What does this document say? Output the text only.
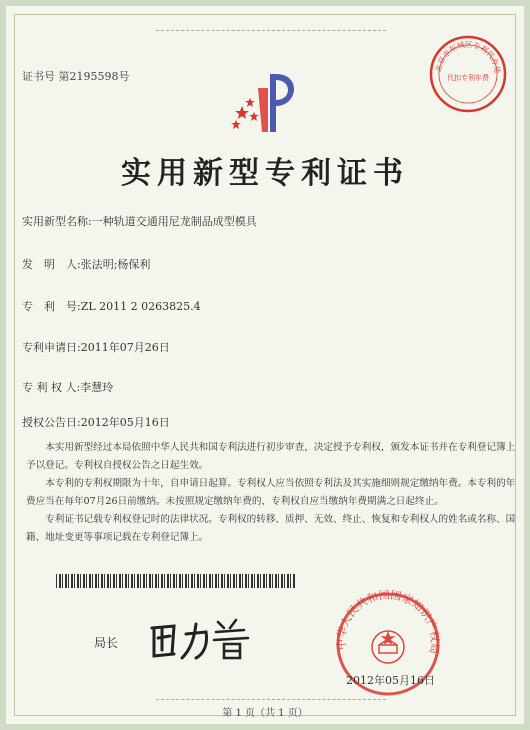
证书号 第2195598号
北京市东城区专利代办处
代扣专利年费
实用新型专利证书
实用新型名称:一种轨道交通用尼龙制品成型模具
发　明　人:张法明;杨保利
专　利　号:ZL 2011 2 0263825.4
专利申请日:2011年07月26日
专 利 权 人:李慧玲
授权公告日:2012年05月16日

本实用新型经过本局依照中华人民共和国专利法进行初步审查，决定授予专利权，颁发本证书并在专利登记簿上予以登记。专利权自授权公告之日起生效。

本专利的专利权期限为十年，自申请日起算。专利权人应当依照专利法及其实施细则规定缴纳年费。本专利的年费应当在每年07月26日前缴纳。未按照规定缴纳年费的，专利权自应当缴纳年费期满之日起终止。

专利证书记载专利权登记时的法律状况。专利权的转移、质押、无效、终止、恢复和专利权人的姓名或名称、国籍、地址变更等事项记载在专利登记簿上。

局长	中华人民共和国国家知识产权局
2012年05月16日
第 1 页（共 1 页）
